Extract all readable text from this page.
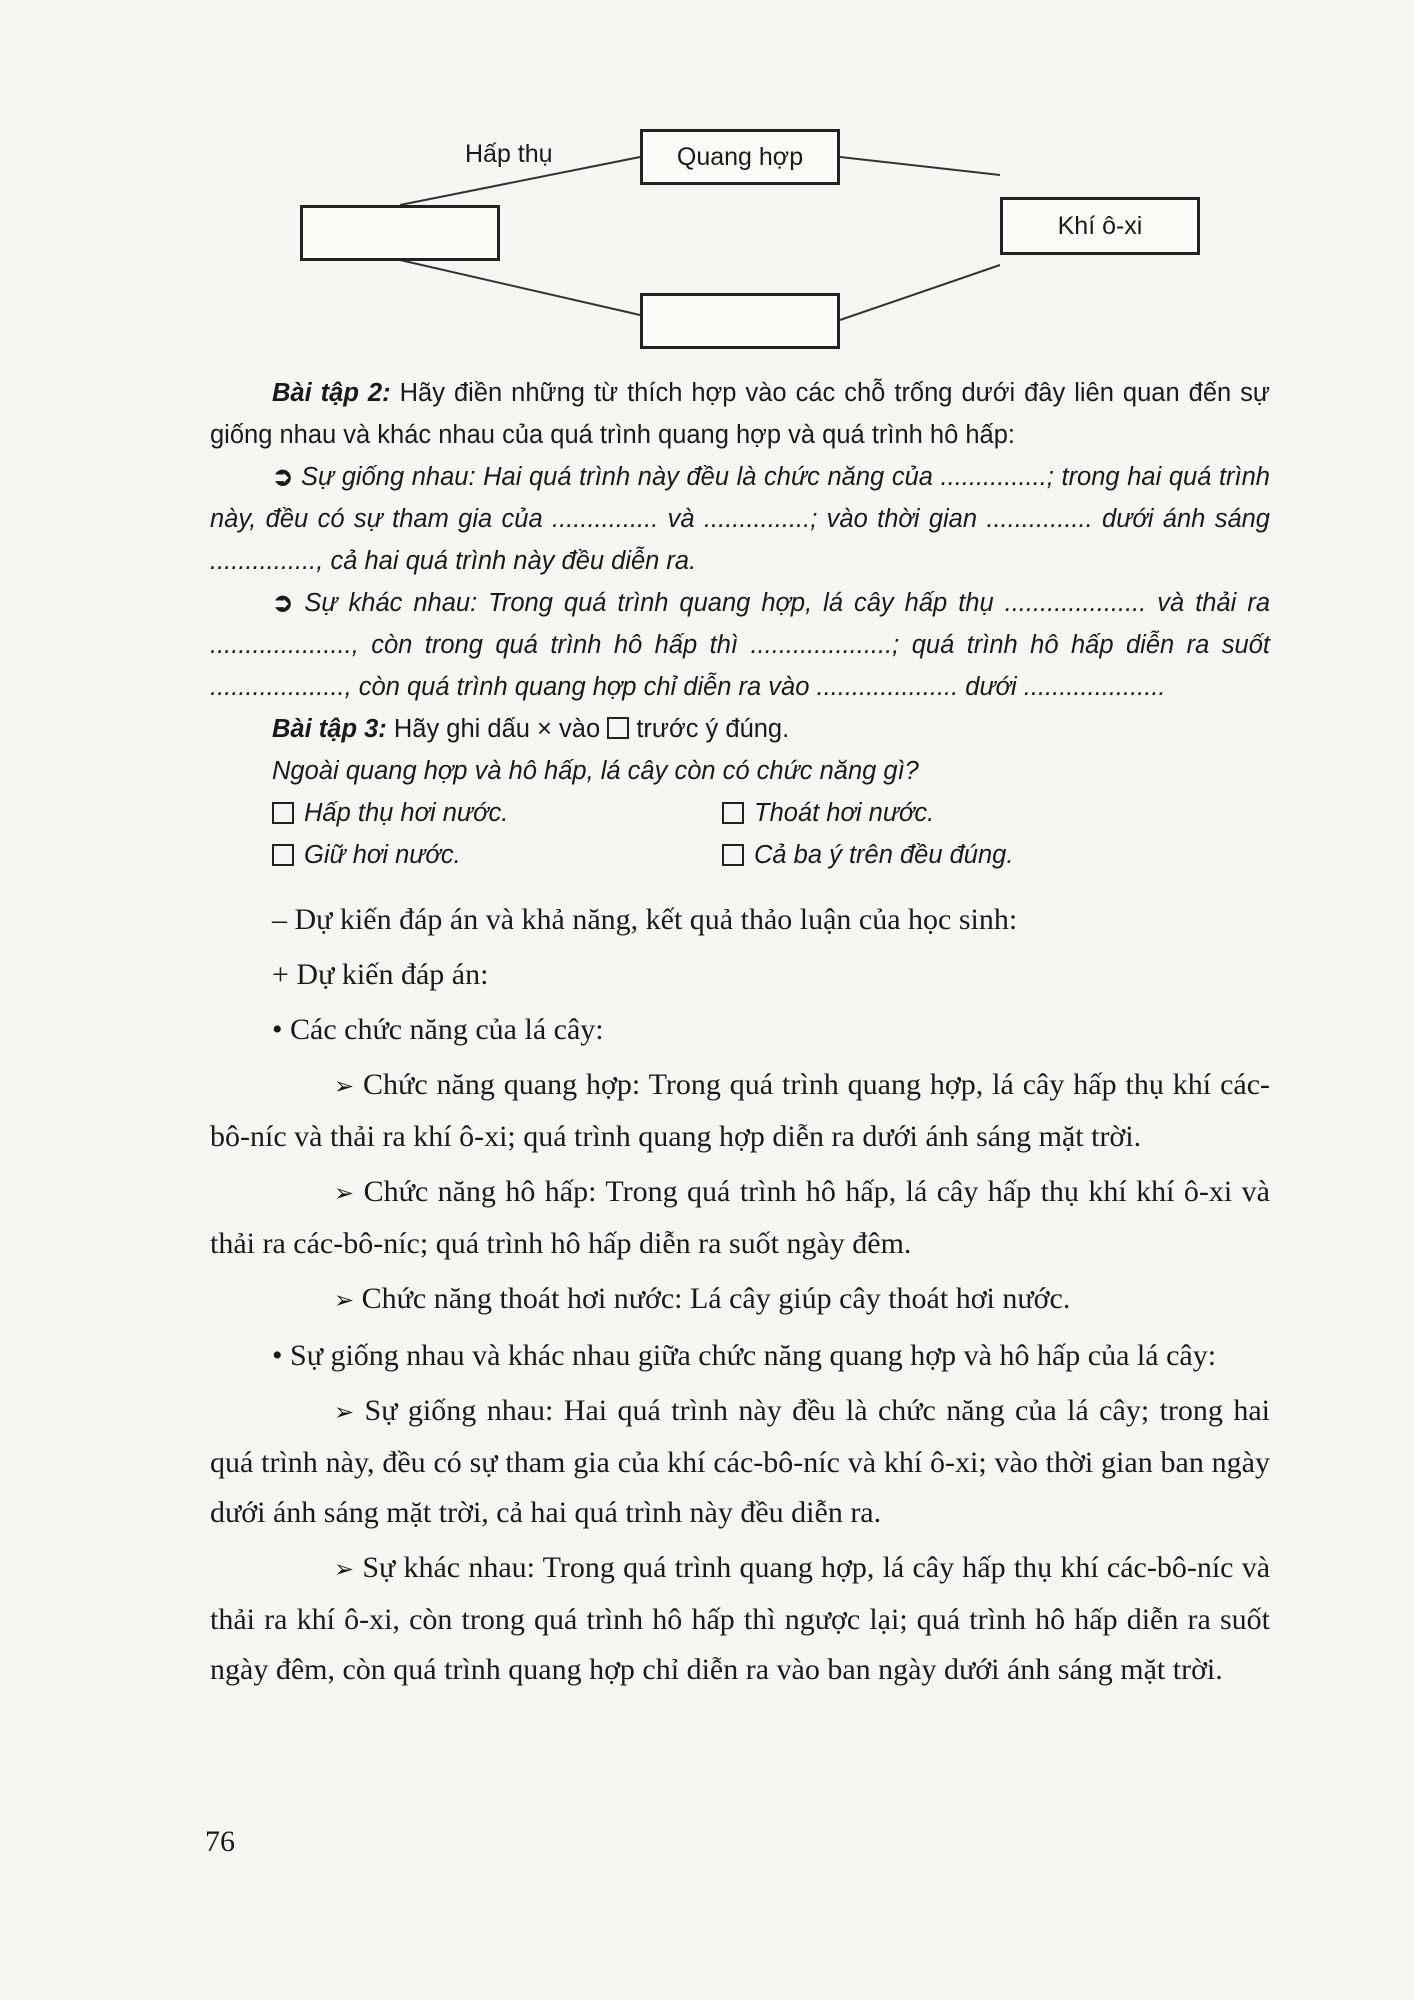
Hấp thụ	Quang hợp
Khí ô-xi

Bài tập 2: Hãy điền những từ thích hợp vào các chỗ trống dưới đây liên quan đến sự giống nhau và khác nhau của quá trình quang hợp và quá trình hô hấp:

➲ Sự giống nhau: Hai quá trình này đều là chức năng của ...............; trong hai quá trình này, đều có sự tham gia của ............... và ...............; vào thời gian ............... dưới ánh sáng ..............., cả hai quá trình này đều diễn ra.

➲ Sự khác nhau: Trong quá trình quang hợp, lá cây hấp thụ .................... và thải ra ...................., còn trong quá trình hô hấp thì ....................; quá trình hô hấp diễn ra suốt ..................., còn quá trình quang hợp chỉ diễn ra vào .................... dưới ....................

Bài tập 3: Hãy ghi dấu × vào trước ý đúng.

Ngoài quang hợp và hô hấp, lá cây còn có chức năng gì?

Hấp thụ hơi nước.	Thoát hơi nước.
Giữ hơi nước.	Cả ba ý trên đều đúng.

– Dự kiến đáp án và khả năng, kết quả thảo luận của học sinh:

+ Dự kiến đáp án:

• Các chức năng của lá cây:

➢ Chức năng quang hợp: Trong quá trình quang hợp, lá cây hấp thụ khí các-bô-níc và thải ra khí ô-xi; quá trình quang hợp diễn ra dưới ánh sáng mặt trời.

➢ Chức năng hô hấp: Trong quá trình hô hấp, lá cây hấp thụ khí khí ô-xi và thải ra các-bô-níc; quá trình hô hấp diễn ra suốt ngày đêm.

➢ Chức năng thoát hơi nước: Lá cây giúp cây thoát hơi nước.

• Sự giống nhau và khác nhau giữa chức năng quang hợp và hô hấp của lá cây:

➢ Sự giống nhau: Hai quá trình này đều là chức năng của lá cây; trong hai quá trình này, đều có sự tham gia của khí các-bô-níc và khí ô-xi; vào thời gian ban ngày dưới ánh sáng mặt trời, cả hai quá trình này đều diễn ra.

➢ Sự khác nhau: Trong quá trình quang hợp, lá cây hấp thụ khí các-bô-níc và thải ra khí ô-xi, còn trong quá trình hô hấp thì ngược lại; quá trình hô hấp diễn ra suốt ngày đêm, còn quá trình quang hợp chỉ diễn ra vào ban ngày dưới ánh sáng mặt trời.

76
